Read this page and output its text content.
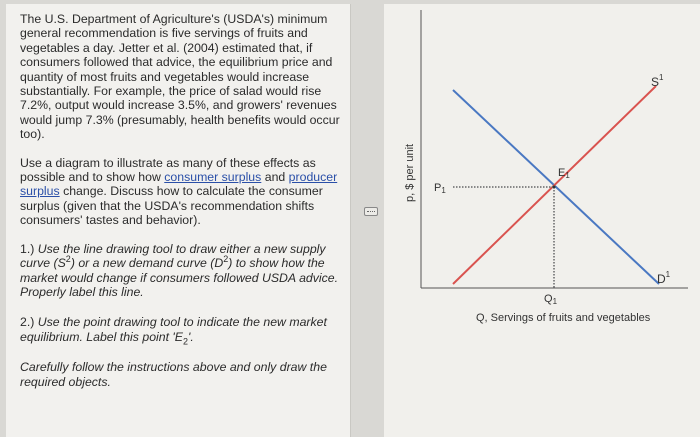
The U.S. Department of Agriculture's (USDA's) minimum general recommendation is five servings of fruits and vegetables a day. Jetter et al. (2004) estimated that, if consumers followed that advice, the equilibrium price and quantity of most fruits and vegetables would increase substantially. For example, the price of salad would rise 7.2%, output would increase 3.5%, and growers' revenues would jump 7.3% (presumably, health benefits would occur too).

Use a diagram to illustrate as many of these effects as possible and to show how consumer surplus and producer surplus change. Discuss how to calculate the consumer surplus (given that the USDA's recommendation shifts consumers' tastes and behavior).

1.) Use the line drawing tool to draw either a new supply curve $(S^2)$ or a new demand curve $(D^2)$ to show how the market would change if consumers followed USDA advice. Properly label this line.

2.) Use the point drawing tool to indicate the new market equilibrium. Label this point '$E_2$'.

Carefully follow the instructions above and only draw the required objects.

p, $ per unit P1
E1
Q1
$S^1$
$D^1$
Q, Servings of fruits and vegetables
